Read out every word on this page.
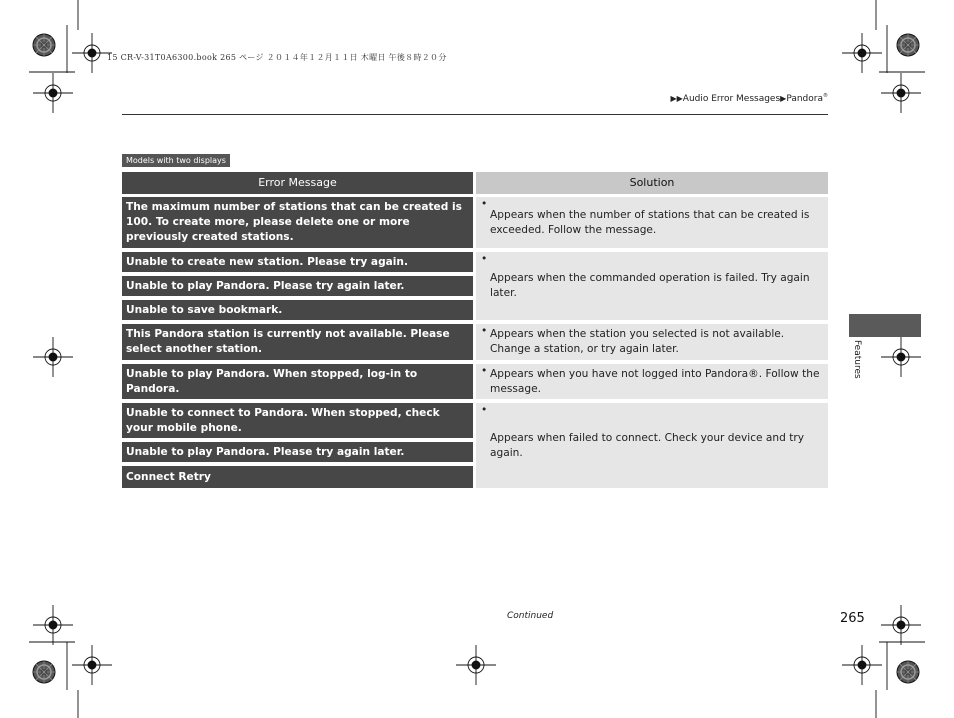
15 CR-V-31T0A6300.book 265 ページ ２０１４年１２月１１日 木曜日 午後８時２０分
▶▶Audio Error Messages▶Pandora®
Models with two displays
Error Message	Solution
The maximum number of stations that can be created is 100. To create more, please delete one or more previously created stations.
Unable to create new station. Please try again.
Unable to play Pandora. Please try again later.
Unable to save bookmark.
This Pandora station is currently not available. Please select another station.
Unable to play Pandora. When stopped, log-in to Pandora.
Unable to connect to Pandora. When stopped, check your mobile phone.
Unable to play Pandora. Please try again later.
Connect Retry
•
Appears when the number of stations that can be created is exceeded. Follow the message.
•
Appears when the commanded operation is failed. Try again later.
• Appears when the station you selected is not available. Change a station, or try again later.
• Appears when you have not logged into Pandora®. Follow the message.
•
Appears when failed to connect. Check your device and try again.
Features
Continued	265
